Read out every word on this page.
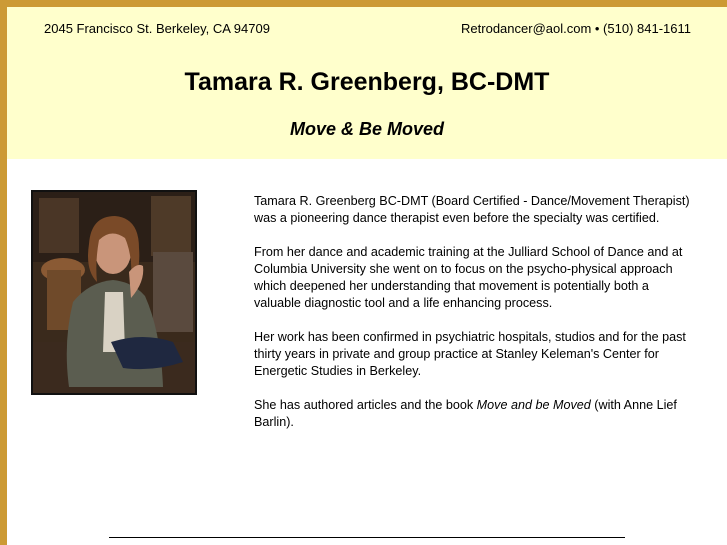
2045 Francisco St. Berkeley, CA 94709	Retrodancer@aol.com • (510) 841-1611
Tamara R. Greenberg, BC-DMT
Move & Be Moved

Tamara R. Greenberg BC-DMT (Board Certified - Dance/Movement Therapist) was a pioneering dance therapist even before the specialty was certified.

From her dance and academic training at the Julliard School of Dance and at Columbia University she went on to focus on the psycho-physical approach which deepened her understanding that movement is potentially both a valuable diagnostic tool and a life enhancing process.

Her work has been confirmed in psychiatric hospitals, studios and for the past thirty years in private and group practice at Stanley Keleman's Center for Energetic Studies in Berkeley.

She has authored articles and the book Move and be Moved (with Anne Lief Barlin).
